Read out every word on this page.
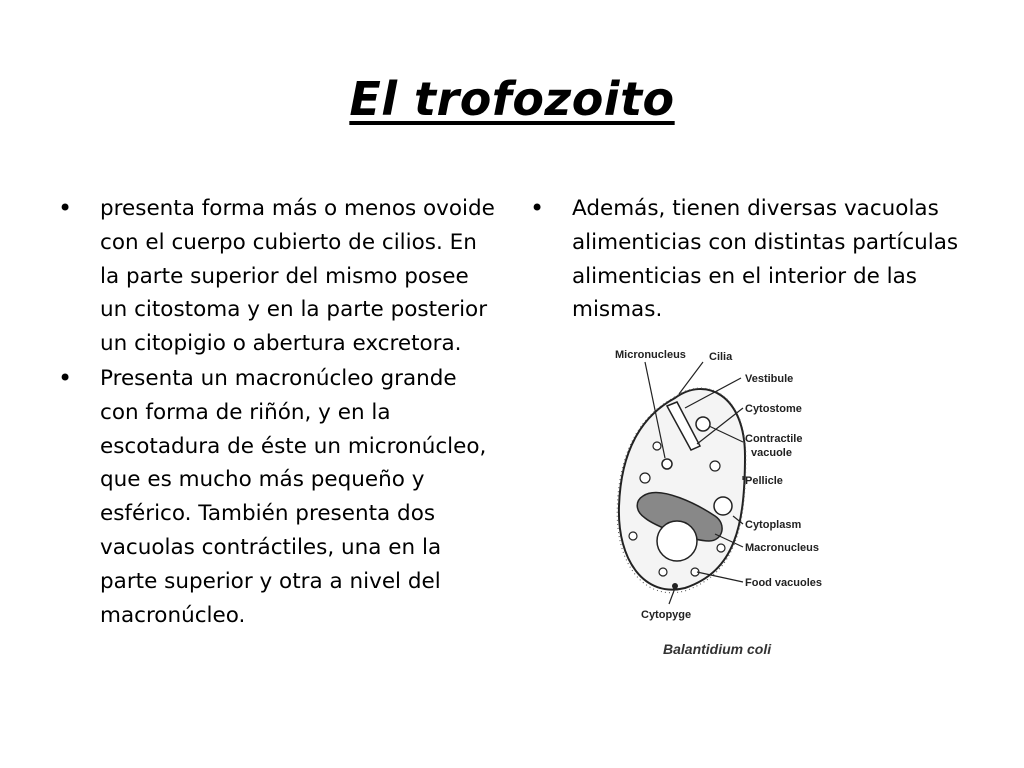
El trofozoito
• presenta forma más o menos ovoide con el cuerpo cubierto de cilios. En la parte superior del mismo posee un citostoma y en la parte posterior un citopigio o abertura excretora.
• Presenta un macronúcleo grande con forma de riñón, y en la escotadura de éste un micronúcleo, que es mucho más pequeño y esférico. También presenta dos vacuolas contráctiles, una en la parte superior y otra a nivel del macronúcleo.
• Además, tienen diversas vacuolas alimenticias con distintas partículas alimenticias en el interior de las mismas.
Micronucleus Cilia
Vestibule
Cytostome
Contractile
vacuole
Pellicle
Cytoplasm
Macronucleus
Food vacuoles
Cytopyge
Balantidium coli
